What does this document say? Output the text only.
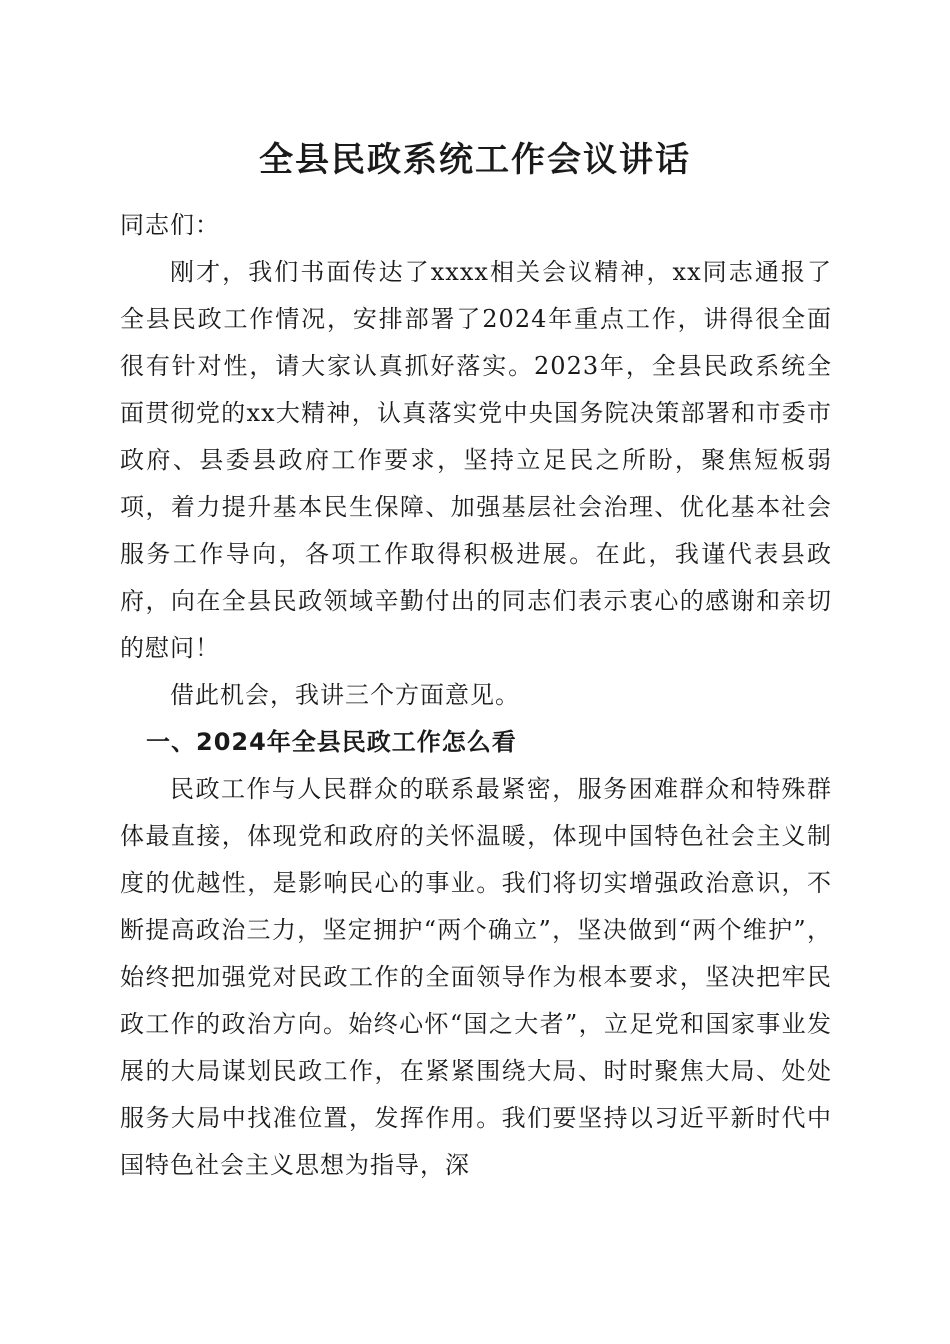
全县民政系统工作会议讲话

同志们：

刚才，我们书面传达了xxxx相关会议精神，xx同志通报了全县民政工作情况，安排部署了2024年重点工作，讲得很全面很有针对性，请大家认真抓好落实。2023年，全县民政系统全面贯彻党的xx大精神，认真落实党中央国务院决策部署和市委市政府、县委县政府工作要求，坚持立足民之所盼，聚焦短板弱项，着力提升基本民生保障、加强基层社会治理、优化基本社会服务工作导向，各项工作取得积极进展。在此，我谨代表县政府，向在全县民政领域辛勤付出的同志们表示衷心的感谢和亲切的慰问！

借此机会，我讲三个方面意见。

一、2024年全县民政工作怎么看

民政工作与人民群众的联系最紧密，服务困难群众和特殊群体最直接，体现党和政府的关怀温暖，体现中国特色社会主义制度的优越性，是影响民心的事业。我们将切实增强政治意识，不断提高政治三力，坚定拥护“两个确立”，坚决做到“两个维护”，始终把加强党对民政工作的全面领导作为根本要求，坚决把牢民政工作的政治方向。始终心怀“国之大者”，立足党和国家事业发展的大局谋划民政工作，在紧紧围绕大局、时时聚焦大局、处处服务大局中找准位置，发挥作用。我们要坚持以习近平新时代中国特色社会主义思想为指导，深
